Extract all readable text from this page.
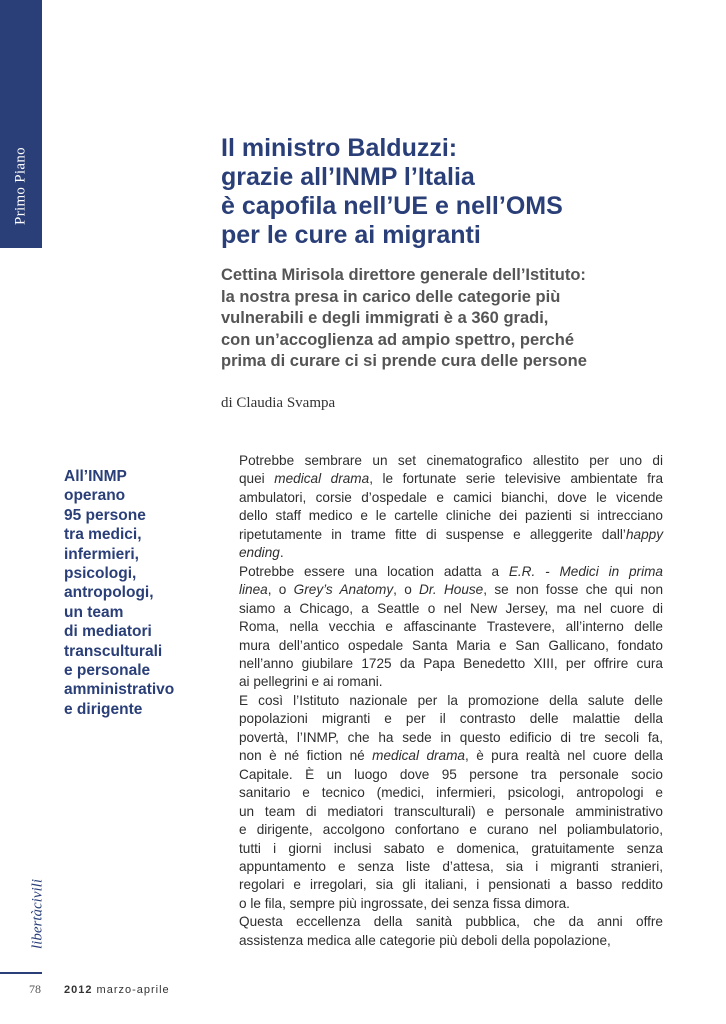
Primo Piano	Il ministro Balduzzi:
grazie all’INMP l’Italia
è capofila nell’UE e nell’OMS
per le cure ai migranti
Cettina Mirisola direttore generale dell’Istituto:
la nostra presa in carico delle categorie più
vulnerabili e degli immigrati è a 360 gradi,
con un’accoglienza ad ampio spettro, perché
prima di curare ci si prende cura delle persone
di Claudia Svampa
All’INMP
operano
95 persone
tra medici,
infermieri,
psicologi,
antropologi,
un team
di mediatori
transculturali
e personale
amministrativo
e dirigente

Potrebbe sembrare un set cinematografico allestito per uno di
quei medical drama, le fortunate serie televisive ambientate fra
ambulatori, corsie d’ospedale e camici bianchi, dove le vicende
dello staff medico e le cartelle cliniche dei pazienti si intrecciano
ripetutamente in trame fitte di suspense e alleggerite dall’happy
ending.

Potrebbe essere una location adatta a E.R. - Medici in prima
linea, o Grey’s Anatomy, o Dr. House, se non fosse che qui non
siamo a Chicago, a Seattle o nel New Jersey, ma nel cuore di
Roma, nella vecchia e affascinante Trastevere, all’interno delle
mura dell’antico ospedale Santa Maria e San Gallicano, fondato
nell’anno giubilare 1725 da Papa Benedetto XIII, per offrire cura
ai pellegrini e ai romani.

E così l’Istituto nazionale per la promozione della salute delle
popolazioni migranti e per il contrasto delle malattie della
povertà, l’INMP, che ha sede in questo edificio di tre secoli fa,
non è né fiction né medical drama, è pura realtà nel cuore della
Capitale. È un luogo dove 95 persone tra personale socio
sanitario e tecnico (medici, infermieri, psicologi, antropologi e
un team di mediatori transculturali) e personale amministrativo
e dirigente, accolgono confortano e curano nel poliambulatorio,
tutti i giorni inclusi sabato e domenica, gratuitamente senza
appuntamento e senza liste d’attesa, sia i migranti stranieri,
regolari e irregolari, sia gli italiani, i pensionati a basso reddito
o le fila, sempre più ingrossate, dei senza fissa dimora.

Questa eccellenza della sanità pubblica, che da anni offre
assistenza medica alle categorie più deboli della popolazione,

libertàcivili
78 2012 marzo-aprile
